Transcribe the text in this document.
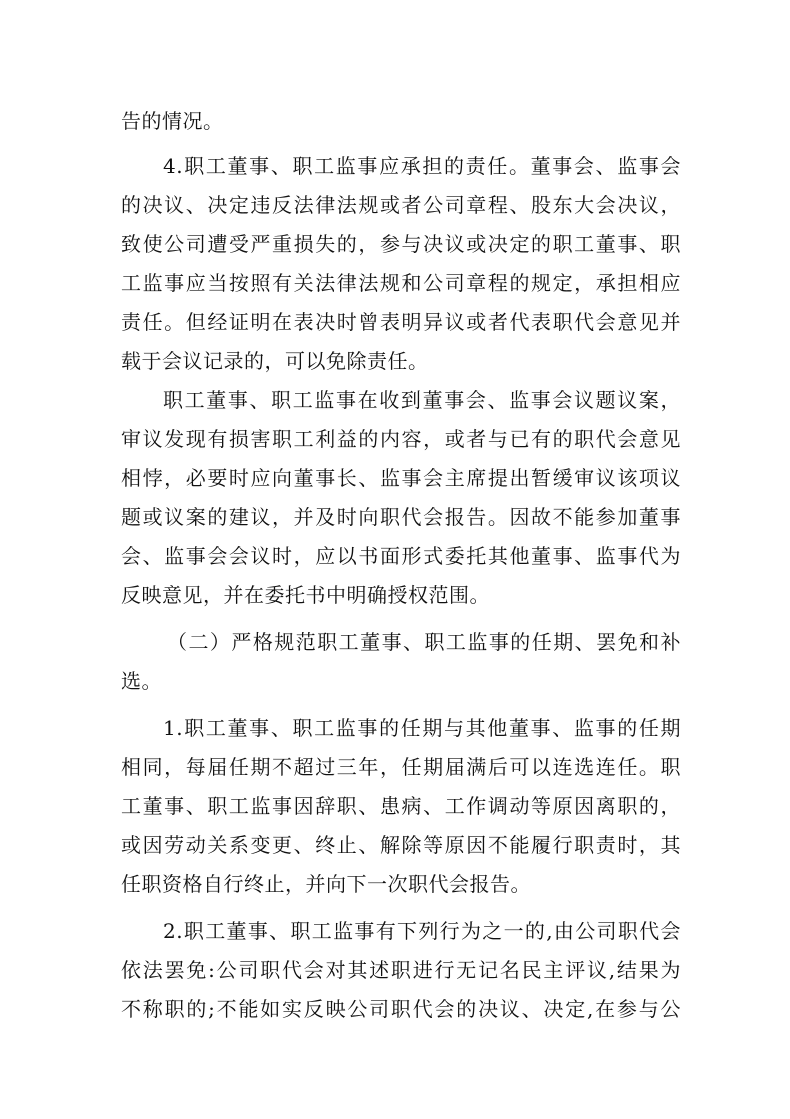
告的情况。
4.职工董事、职工监事应承担的责任。董事会、监事会
的决议、决定违反法律法规或者公司章程、股东大会决议，
致使公司遭受严重损失的，参与决议或决定的职工董事、职
工监事应当按照有关法律法规和公司章程的规定，承担相应
责任。但经证明在表决时曾表明异议或者代表职代会意见并
载于会议记录的，可以免除责任。
职工董事、职工监事在收到董事会、监事会议题议案，
审议发现有损害职工利益的内容，或者与已有的职代会意见
相悖，必要时应向董事长、监事会主席提出暂缓审议该项议
题或议案的建议，并及时向职代会报告。因故不能参加董事
会、监事会会议时，应以书面形式委托其他董事、监事代为
反映意见，并在委托书中明确授权范围。
（二）严格规范职工董事、职工监事的任期、罢免和补
选。
1.职工董事、职工监事的任期与其他董事、监事的任期
相同，每届任期不超过三年，任期届满后可以连选连任。职
工董事、职工监事因辞职、患病、工作调动等原因离职的，
或因劳动关系变更、终止、解除等原因不能履行职责时，其
任职资格自行终止，并向下一次职代会报告。
2.职工董事、职工监事有下列行为之一的,由公司职代会
依法罢免:公司职代会对其述职进行无记名民主评议,结果为
不称职的;不能如实反映公司职代会的决议、决定,在参与公
